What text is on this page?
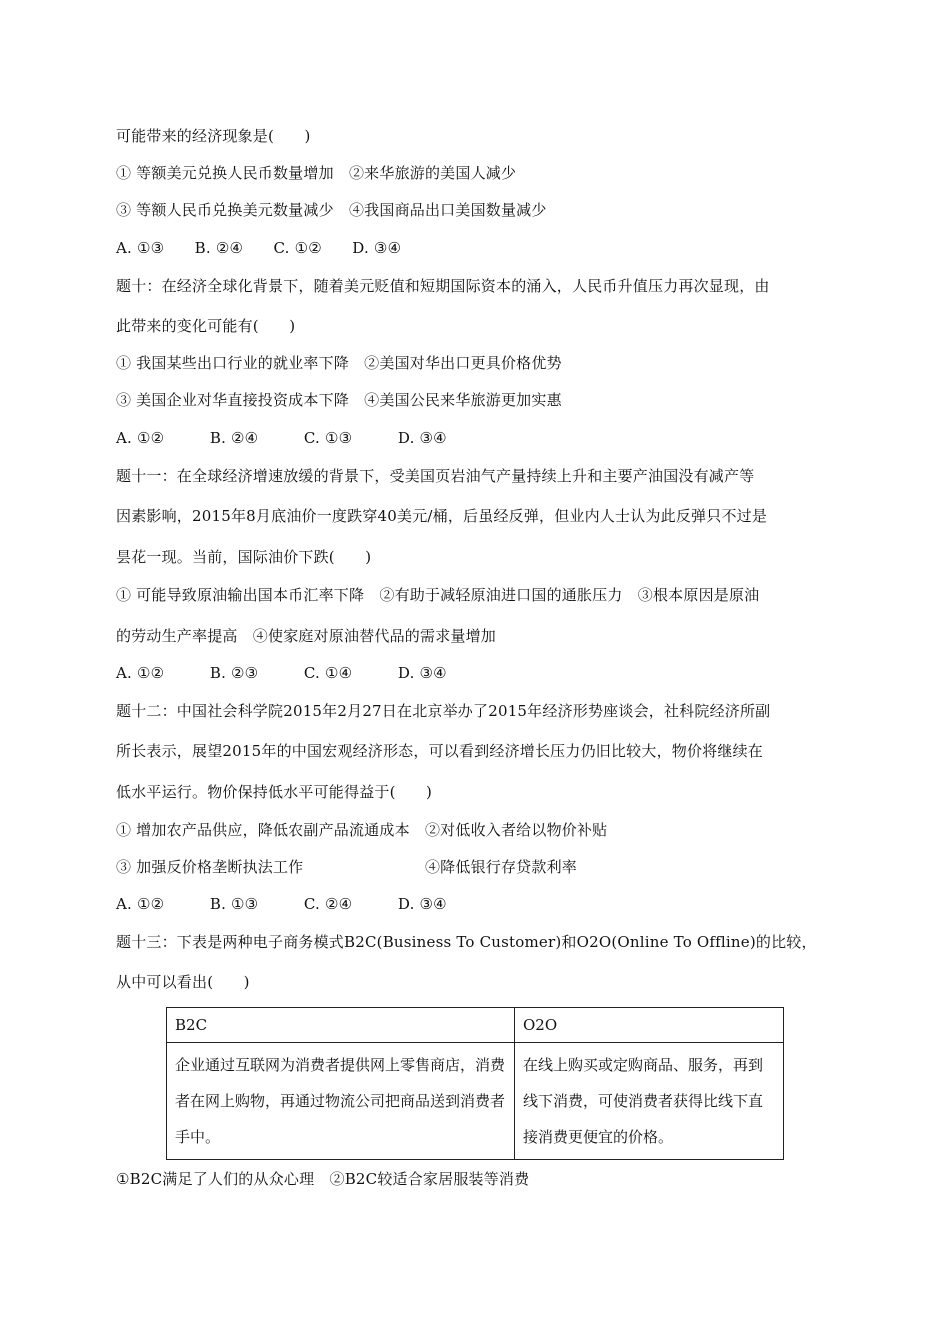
可能带来的经济现象是(　　)
① 等额美元兑换人民币数量增加　②来华旅游的美国人减少
③ 等额人民币兑换美元数量减少　④我国商品出口美国数量减少
A. ①③　　B. ②④　　C. ①②　　D. ③④
题十：在经济全球化背景下，随着美元贬值和短期国际资本的涌入，人民币升值压力再次显现，由
此带来的变化可能有(　　)
① 我国某些出口行业的就业率下降　②美国对华出口更具价格优势
③ 美国企业对华直接投资成本下降　④美国公民来华旅游更加实惠
A. ①②　　　B. ②④　　　C. ①③　　　D. ③④
题十一：在全球经济增速放缓的背景下，受美国页岩油气产量持续上升和主要产油国没有减产等
因素影响，2015年8月底油价一度跌穿40美元/桶，后虽经反弹，但业内人士认为此反弹只不过是
昙花一现。当前，国际油价下跌(　　)
① 可能导致原油输出国本币汇率下降　②有助于减轻原油进口国的通胀压力　③根本原因是原油
的劳动生产率提高　④使家庭对原油替代品的需求量增加
A. ①②　　　B. ②③　　　C. ①④　　　D. ③④
题十二：中国社会科学院2015年2月27日在北京举办了2015年经济形势座谈会，社科院经济所副
所长表示，展望2015年的中国宏观经济形态，可以看到经济增长压力仍旧比较大，物价将继续在
低水平运行。物价保持低水平可能得益于(　　)
① 增加农产品供应，降低农副产品流通成本　②对低收入者给以物价补贴
③ 加强反价格垄断执法工作　　　　　　　　④降低银行存贷款利率
A. ①②　　　B. ①③　　　C. ②④　　　D. ③④
题十三：下表是两种电子商务模式B2C(Business To Customer)和O2O(Online To Offline)的比较，
从中可以看出(　　)
B2C	O2O
企业通过互联网为消费者提供网上零售商店，消费者在网上购物，再通过物流公司把商品送到消费者手中。	在线上购买或定购商品、服务，再到线下消费，可使消费者获得比线下直接消费更便宜的价格。
①B2C满足了人们的从众心理　②B2C较适合家居服装等消费
